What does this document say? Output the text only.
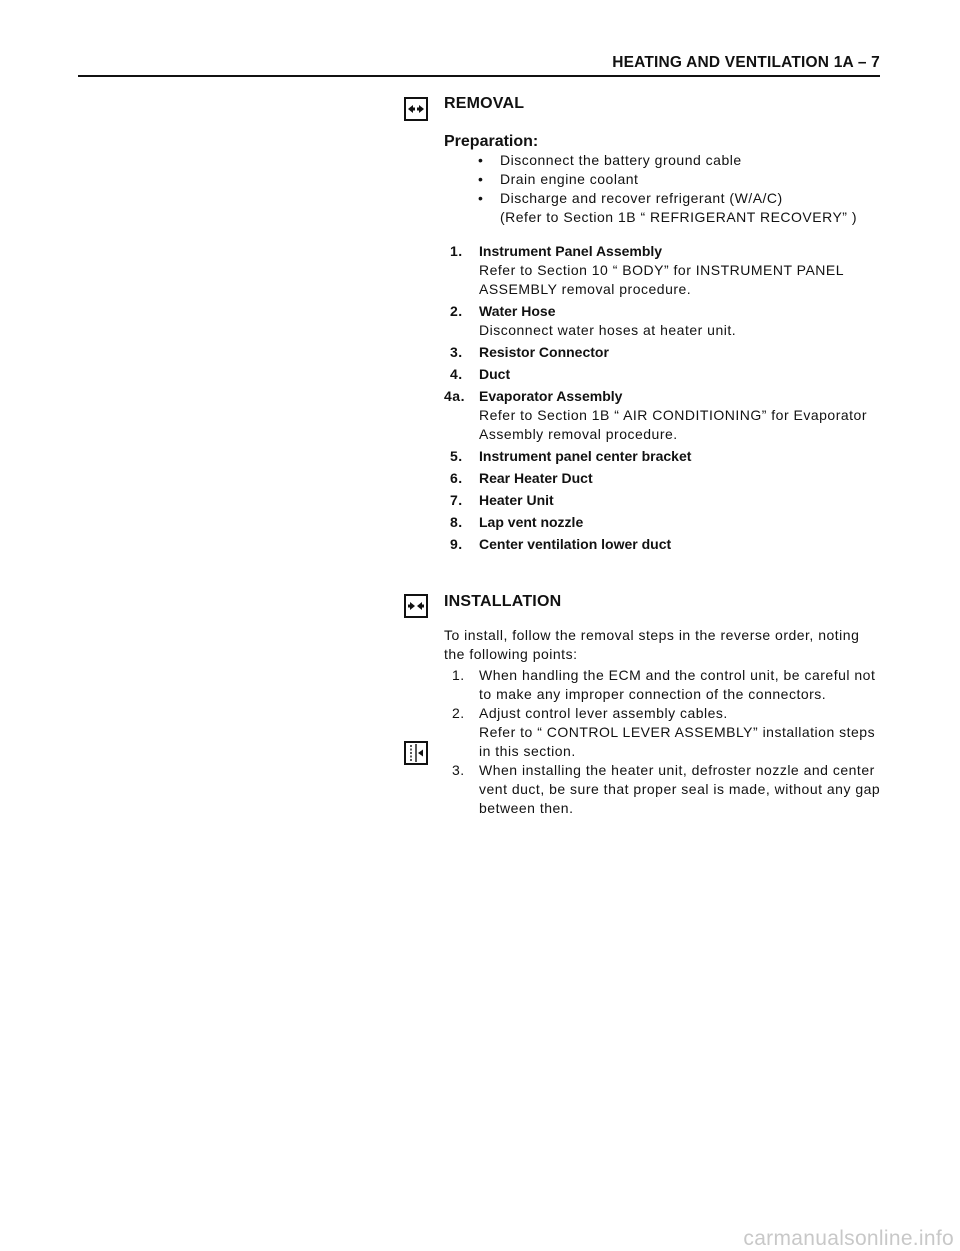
HEATING AND VENTILATION 1A – 7
REMOVAL
Preparation:
• Disconnect the battery ground cable
• Drain engine coolant
• Discharge and recover refrigerant (W/A/C)
(Refer to Section 1B “ REFRIGERANT RECOVERY” )
1. Instrument Panel Assembly
Refer to Section 10 “ BODY” for INSTRUMENT PANEL ASSEMBLY removal procedure.
2. Water Hose
Disconnect water hoses at heater unit.
3. Resistor Connector
4. Duct
4a. Evaporator Assembly
Refer to Section 1B “ AIR CONDITIONING” for Evaporator Assembly removal procedure.
5. Instrument panel center bracket
6. Rear Heater Duct
7. Heater Unit
8. Lap vent nozzle
9. Center ventilation lower duct
INSTALLATION
To install, follow the removal steps in the reverse order, noting the following points:
1. When handling the ECM and the control unit, be careful not to make any improper connection of the connectors.
2. Adjust control lever assembly cables.
Refer to “ CONTROL LEVER ASSEMBLY” installation steps in this section.
3. When installing the heater unit, defroster nozzle and center vent duct, be sure that proper seal is made, without any gap between then.
carmanualsonline.info
